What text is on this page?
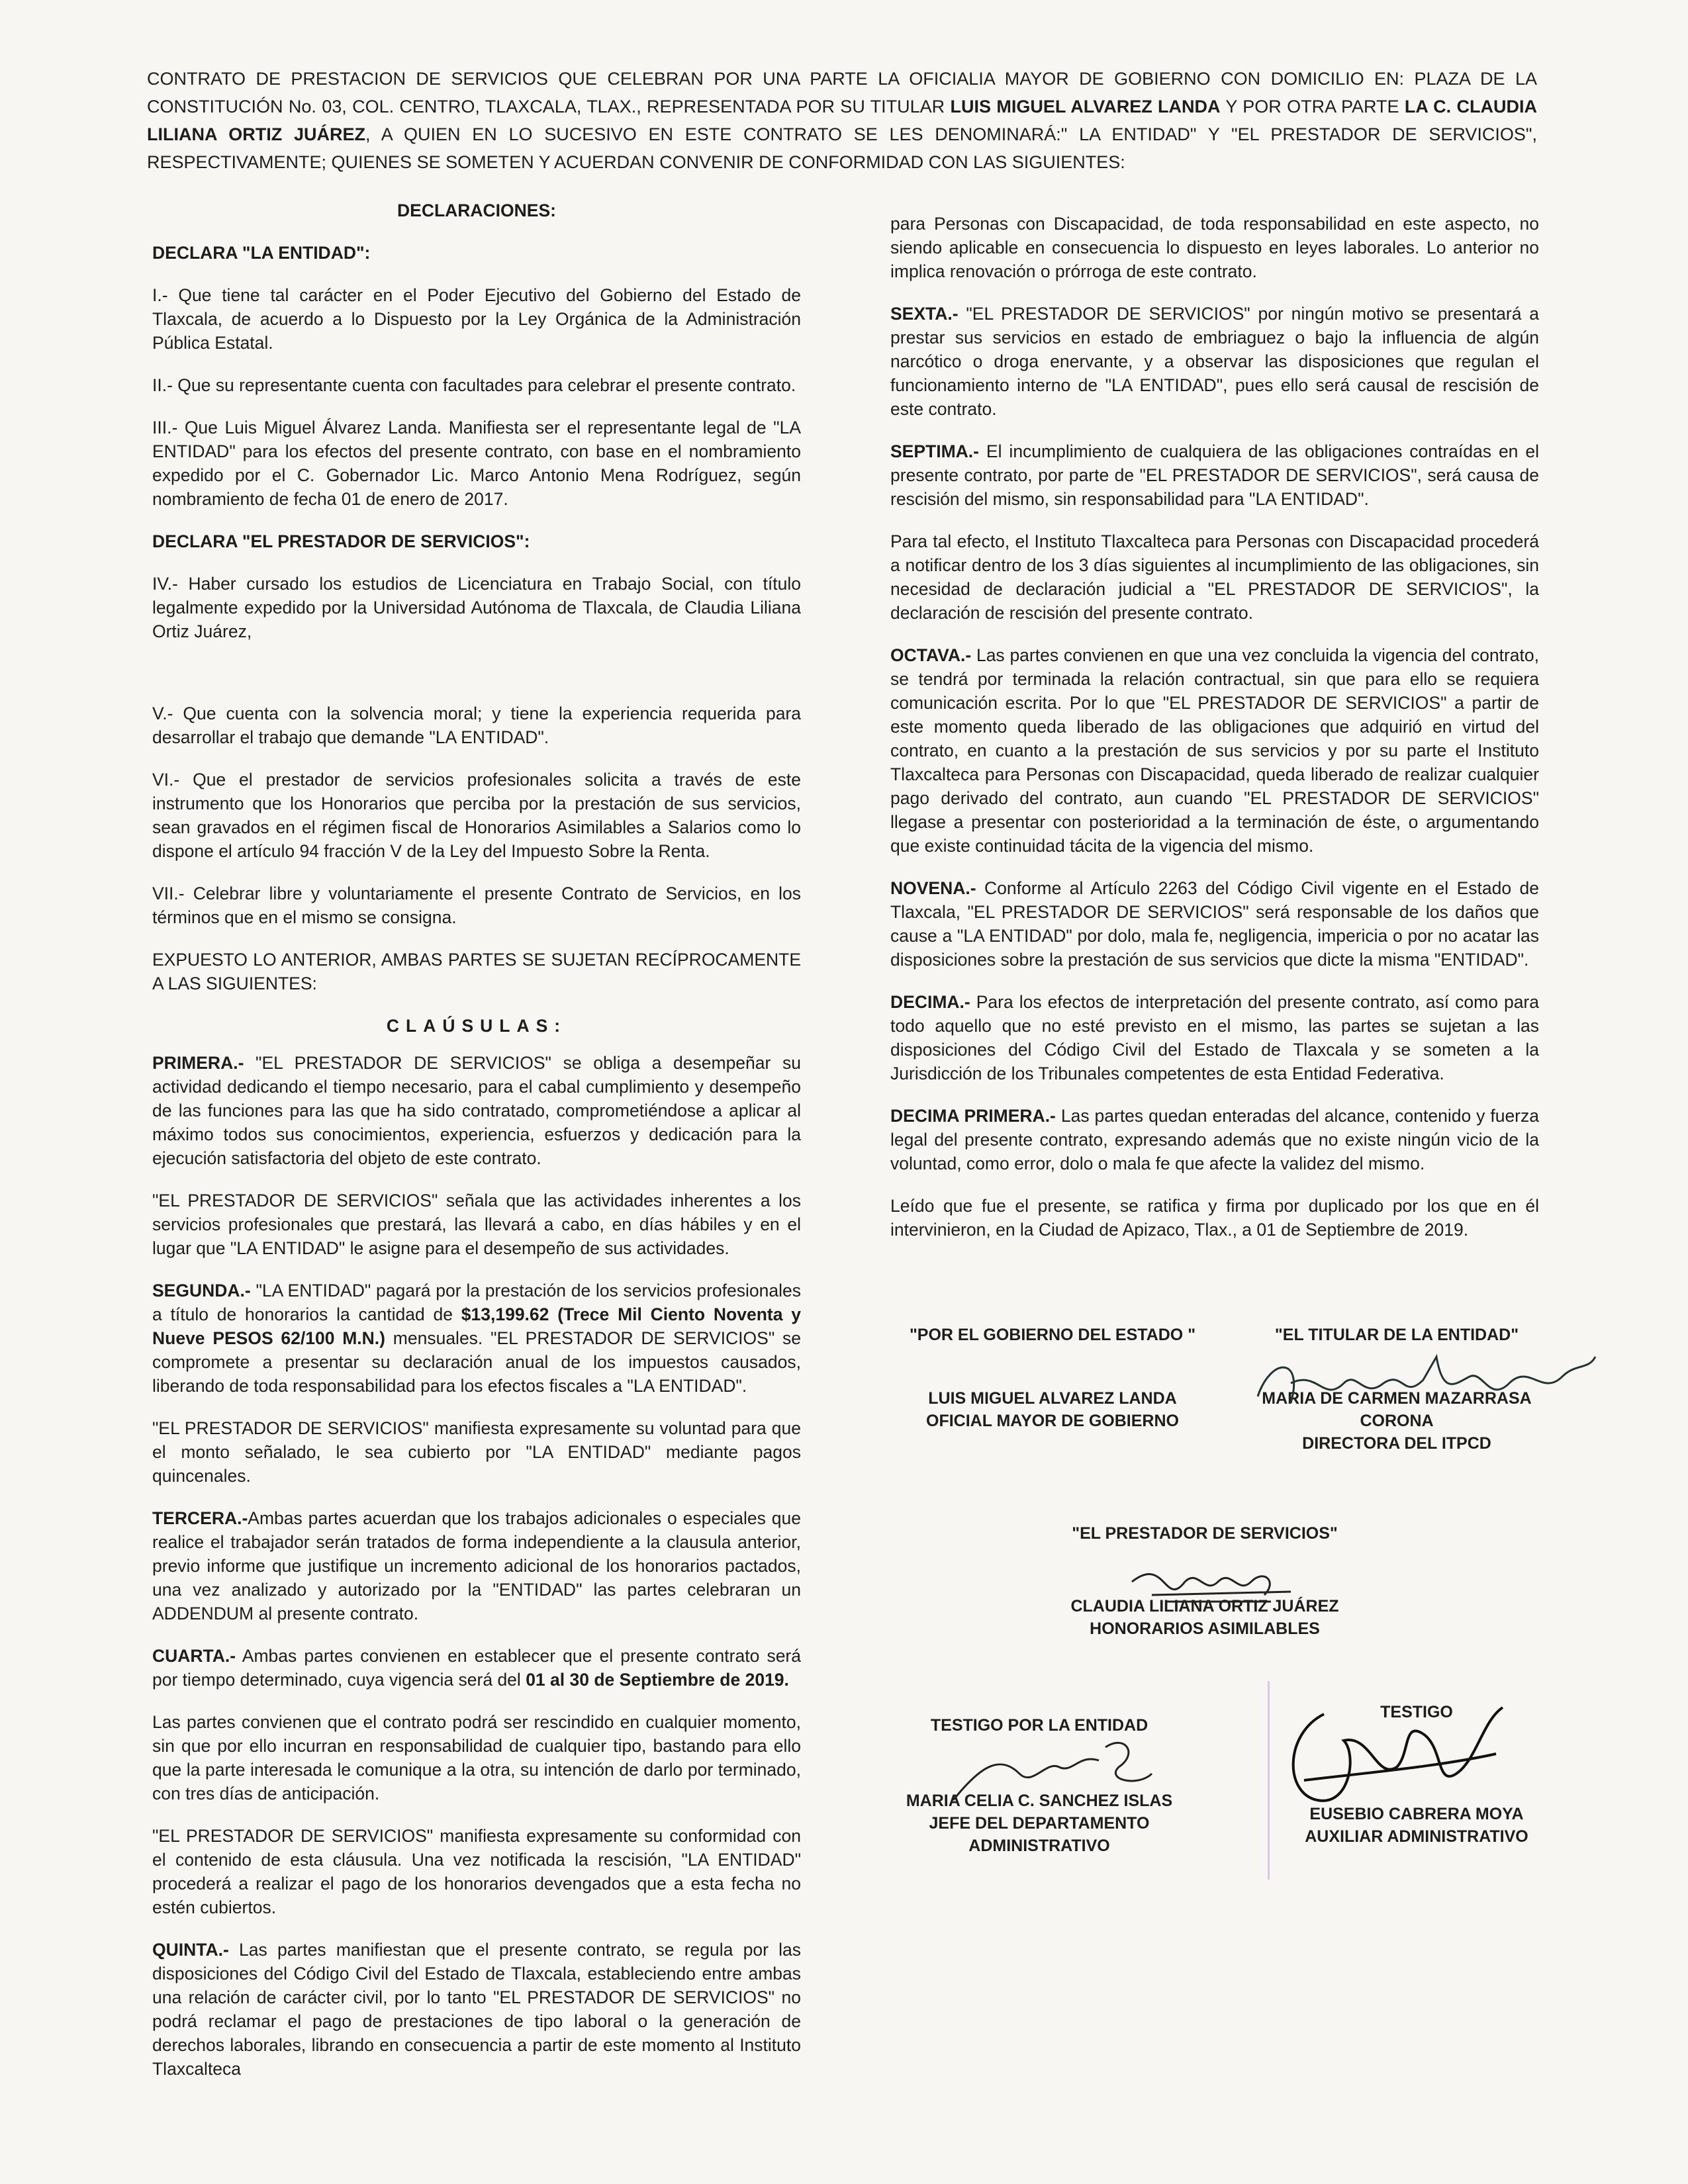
CONTRATO DE PRESTACION DE SERVICIOS QUE CELEBRAN POR UNA PARTE LA OFICIALIA MAYOR DE GOBIERNO CON DOMICILIO EN: PLAZA DE LA CONSTITUCIÓN No. 03, COL. CENTRO, TLAXCALA, TLAX., REPRESENTADA POR SU TITULAR LUIS MIGUEL ALVAREZ LANDA Y POR OTRA PARTE LA C. CLAUDIA LILIANA ORTIZ JUÁREZ, A QUIEN EN LO SUCESIVO EN ESTE CONTRATO SE LES DENOMINARÁ:" LA ENTIDAD" Y "EL PRESTADOR DE SERVICIOS", RESPECTIVAMENTE; QUIENES SE SOMETEN Y ACUERDAN CONVENIR DE CONFORMIDAD CON LAS SIGUIENTES:

DECLARACIONES:

DECLARA "LA ENTIDAD":

I.- Que tiene tal carácter en el Poder Ejecutivo del Gobierno del Estado de Tlaxcala, de acuerdo a lo Dispuesto por la Ley Orgánica de la Administración Pública Estatal.

II.- Que su representante cuenta con facultades para celebrar el presente contrato.

III.- Que Luis Miguel Álvarez Landa. Manifiesta ser el representante legal de "LA ENTIDAD" para los efectos del presente contrato, con base en el nombramiento expedido por el C. Gobernador Lic. Marco Antonio Mena Rodríguez, según nombramiento de fecha 01 de enero de 2017.

DECLARA "EL PRESTADOR DE SERVICIOS":

IV.- Haber cursado los estudios de Licenciatura en Trabajo Social, con título legalmente expedido por la Universidad Autónoma de Tlaxcala, de Claudia Liliana Ortiz Juárez,

V.- Que cuenta con la solvencia moral; y tiene la experiencia requerida para desarrollar el trabajo que demande "LA ENTIDAD".

VI.- Que el prestador de servicios profesionales solicita a través de este instrumento que los Honorarios que perciba por la prestación de sus servicios, sean gravados en el régimen fiscal de Honorarios Asimilables a Salarios como lo dispone el artículo 94 fracción V de la Ley del Impuesto Sobre la Renta.

VII.- Celebrar libre y voluntariamente el presente Contrato de Servicios, en los términos que en el mismo se consigna.

EXPUESTO LO ANTERIOR, AMBAS PARTES SE SUJETAN RECÍPROCAMENTE A LAS SIGUIENTES:

CLAÚSULAS:

PRIMERA.- "EL PRESTADOR DE SERVICIOS" se obliga a desempeñar su actividad dedicando el tiempo necesario, para el cabal cumplimiento y desempeño de las funciones para las que ha sido contratado, comprometiéndose a aplicar al máximo todos sus conocimientos, experiencia, esfuerzos y dedicación para la ejecución satisfactoria del objeto de este contrato.

"EL PRESTADOR DE SERVICIOS" señala que las actividades inherentes a los servicios profesionales que prestará, las llevará a cabo, en días hábiles y en el lugar que "LA ENTIDAD" le asigne para el desempeño de sus actividades.

SEGUNDA.- "LA ENTIDAD" pagará por la prestación de los servicios profesionales a título de honorarios la cantidad de $13,199.62 (Trece Mil Ciento Noventa y Nueve PESOS 62/100 M.N.) mensuales. "EL PRESTADOR DE SERVICIOS" se compromete a presentar su declaración anual de los impuestos causados, liberando de toda responsabilidad para los efectos fiscales a "LA ENTIDAD".

"EL PRESTADOR DE SERVICIOS" manifiesta expresamente su voluntad para que el monto señalado, le sea cubierto por "LA ENTIDAD" mediante pagos quincenales.

TERCERA.-Ambas partes acuerdan que los trabajos adicionales o especiales que realice el trabajador serán tratados de forma independiente a la clausula anterior, previo informe que justifique un incremento adicional de los honorarios pactados, una vez analizado y autorizado por la "ENTIDAD" las partes celebraran un ADDENDUM al presente contrato.

CUARTA.- Ambas partes convienen en establecer que el presente contrato será por tiempo determinado, cuya vigencia será del 01 al 30 de Septiembre de 2019.

Las partes convienen que el contrato podrá ser rescindido en cualquier momento, sin que por ello incurran en responsabilidad de cualquier tipo, bastando para ello que la parte interesada le comunique a la otra, su intención de darlo por terminado, con tres días de anticipación.

"EL PRESTADOR DE SERVICIOS" manifiesta expresamente su conformidad con el contenido de esta cláusula. Una vez notificada la rescisión, "LA ENTIDAD" procederá a realizar el pago de los honorarios devengados que a esta fecha no estén cubiertos.

QUINTA.- Las partes manifiestan que el presente contrato, se regula por las disposiciones del Código Civil del Estado de Tlaxcala, estableciendo entre ambas una relación de carácter civil, por lo tanto "EL PRESTADOR DE SERVICIOS" no podrá reclamar el pago de prestaciones de tipo laboral o la generación de derechos laborales, librando en consecuencia a partir de este momento al Instituto Tlaxcalteca

para Personas con Discapacidad, de toda responsabilidad en este aspecto, no siendo aplicable en consecuencia lo dispuesto en leyes laborales. Lo anterior no implica renovación o prórroga de este contrato.

SEXTA.- "EL PRESTADOR DE SERVICIOS" por ningún motivo se presentará a prestar sus servicios en estado de embriaguez o bajo la influencia de algún narcótico o droga enervante, y a observar las disposiciones que regulan el funcionamiento interno de "LA ENTIDAD", pues ello será causal de rescisión de este contrato.

SEPTIMA.- El incumplimiento de cualquiera de las obligaciones contraídas en el presente contrato, por parte de "EL PRESTADOR DE SERVICIOS", será causa de rescisión del mismo, sin responsabilidad para "LA ENTIDAD".

Para tal efecto, el Instituto Tlaxcalteca para Personas con Discapacidad procederá a notificar dentro de los 3 días siguientes al incumplimiento de las obligaciones, sin necesidad de declaración judicial a "EL PRESTADOR DE SERVICIOS", la declaración de rescisión del presente contrato.

OCTAVA.- Las partes convienen en que una vez concluida la vigencia del contrato, se tendrá por terminada la relación contractual, sin que para ello se requiera comunicación escrita. Por lo que "EL PRESTADOR DE SERVICIOS" a partir de este momento queda liberado de las obligaciones que adquirió en virtud del contrato, en cuanto a la prestación de sus servicios y por su parte el Instituto Tlaxcalteca para Personas con Discapacidad, queda liberado de realizar cualquier pago derivado del contrato, aun cuando "EL PRESTADOR DE SERVICIOS" llegase a presentar con posterioridad a la terminación de éste, o argumentando que existe continuidad tácita de la vigencia del mismo.

NOVENA.- Conforme al Artículo 2263 del Código Civil vigente en el Estado de Tlaxcala, "EL PRESTADOR DE SERVICIOS" será responsable de los daños que cause a "LA ENTIDAD" por dolo, mala fe, negligencia, impericia o por no acatar las disposiciones sobre la prestación de sus servicios que dicte la misma "ENTIDAD".

DECIMA.- Para los efectos de interpretación del presente contrato, así como para todo aquello que no esté previsto en el mismo, las partes se sujetan a las disposiciones del Código Civil del Estado de Tlaxcala y se someten a la Jurisdicción de los Tribunales competentes de esta Entidad Federativa.

DECIMA PRIMERA.- Las partes quedan enteradas del alcance, contenido y fuerza legal del presente contrato, expresando además que no existe ningún vicio de la voluntad, como error, dolo o mala fe que afecte la validez del mismo.

Leído que fue el presente, se ratifica y firma por duplicado por los que en él intervinieron, en la Ciudad de Apizaco, Tlax., a 01 de Septiembre de 2019.

"POR EL GOBIERNO DEL ESTADO "
LUIS MIGUEL ALVAREZ LANDA
OFICIAL MAYOR DE GOBIERNO
"EL TITULAR DE LA ENTIDAD"
MARIA DE CARMEN MAZARRASA
CORONA
DIRECTORA DEL ITPCD
"EL PRESTADOR DE SERVICIOS"
CLAUDIA LILIANA ORTIZ JUÁREZ
HONORARIOS ASIMILABLES
TESTIGO POR LA ENTIDAD
MARIA CELIA C. SANCHEZ ISLAS
JEFE DEL DEPARTAMENTO
ADMINISTRATIVO
TESTIGO
EUSEBIO CABRERA MOYA
AUXILIAR ADMINISTRATIVO
